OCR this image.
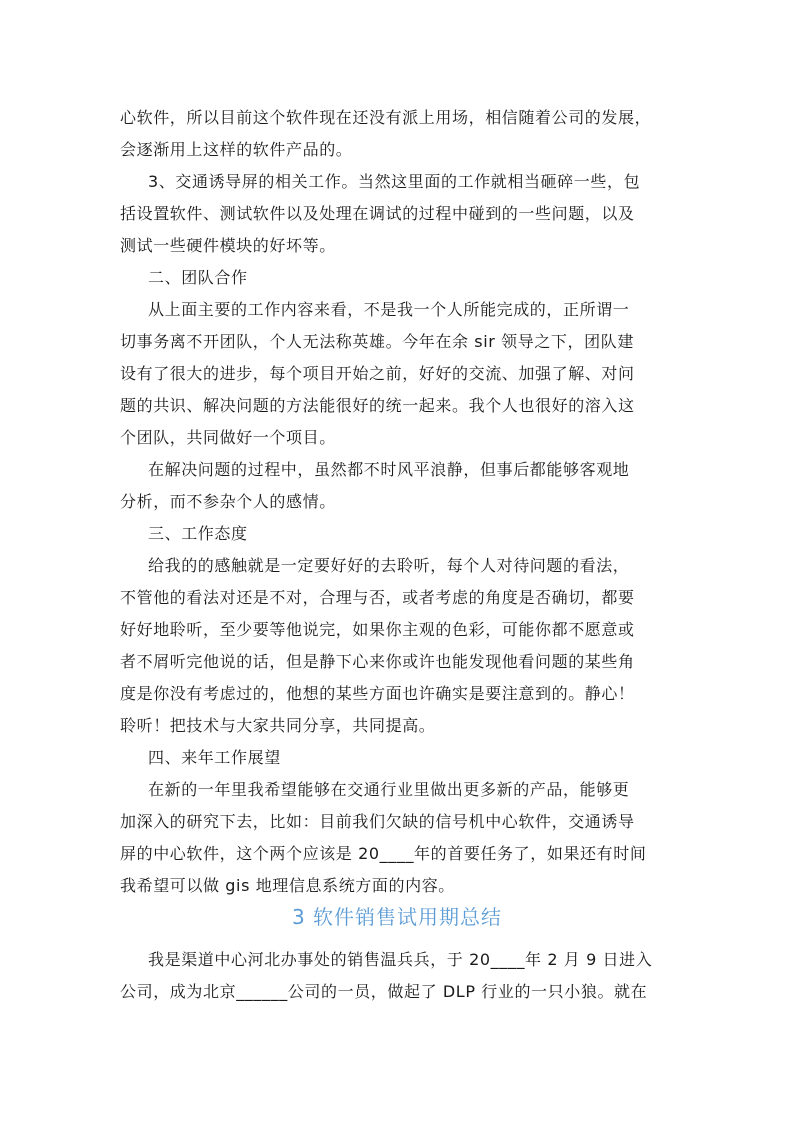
心软件，所以目前这个软件现在还没有派上用场，相信随着公司的发展，
会逐渐用上这样的软件产品的。
3、交通诱导屏的相关工作。当然这里面的工作就相当砸碎一些，包
括设置软件、测试软件以及处理在调试的过程中碰到的一些问题，以及
测试一些硬件模块的好坏等。
二、团队合作
从上面主要的工作内容来看，不是我一个人所能完成的，正所谓一
切事务离不开团队，个人无法称英雄。今年在余 sir 领导之下，团队建
设有了很大的进步，每个项目开始之前，好好的交流、加强了解、对问
题的共识、解决问题的方法能很好的统一起来。我个人也很好的溶入这
个团队，共同做好一个项目。
在解决问题的过程中，虽然都不时风平浪静，但事后都能够客观地
分析，而不参杂个人的感情。
三、工作态度
给我的的感触就是一定要好好的去聆听，每个人对待问题的看法，
不管他的看法对还是不对，合理与否，或者考虑的角度是否确切，都要
好好地聆听，至少要等他说完，如果你主观的色彩，可能你都不愿意或
者不屑听完他说的话，但是静下心来你或许也能发现他看问题的某些角
度是你没有考虑过的，他想的某些方面也许确实是要注意到的。静心！
聆听！把技术与大家共同分享，共同提高。
四、来年工作展望
在新的一年里我希望能够在交通行业里做出更多新的产品，能够更
加深入的研究下去，比如：目前我们欠缺的信号机中心软件，交通诱导
屏的中心软件，这个两个应该是 20____年的首要任务了，如果还有时间
我希望可以做 gis 地理信息系统方面的内容。
3 软件销售试用期总结
我是渠道中心河北办事处的销售温兵兵，于 20____年 2 月 9 日进入
公司，成为北京______公司的一员，做起了 DLP 行业的一只小狼。就在
